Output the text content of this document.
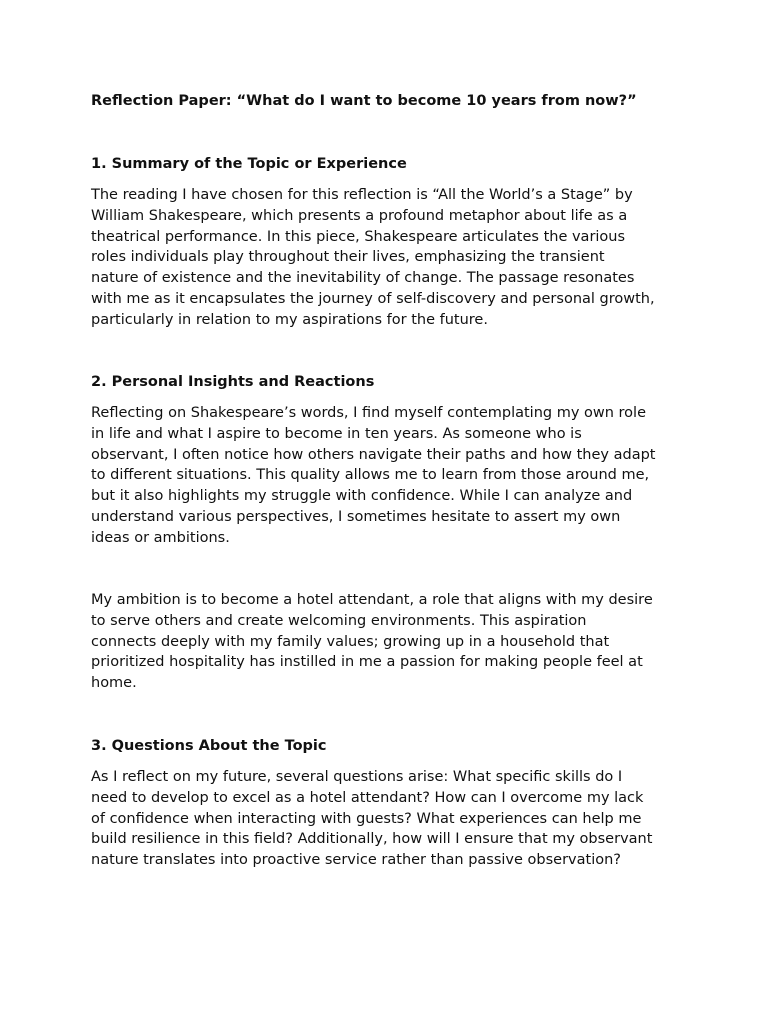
Reflection Paper: “What do I want to become 10 years from now?”
1. Summary of the Topic or Experience
The reading I have chosen for this reflection is “All the World’s a Stage” by
William Shakespeare, which presents a profound metaphor about life as a
theatrical performance. In this piece, Shakespeare articulates the various
roles individuals play throughout their lives, emphasizing the transient
nature of existence and the inevitability of change. The passage resonates
with me as it encapsulates the journey of self-discovery and personal growth,
particularly in relation to my aspirations for the future.
2. Personal Insights and Reactions
Reflecting on Shakespeare’s words, I find myself contemplating my own role
in life and what I aspire to become in ten years. As someone who is
observant, I often notice how others navigate their paths and how they adapt
to different situations. This quality allows me to learn from those around me,
but it also highlights my struggle with confidence. While I can analyze and
understand various perspectives, I sometimes hesitate to assert my own
ideas or ambitions.
My ambition is to become a hotel attendant, a role that aligns with my desire
to serve others and create welcoming environments. This aspiration
connects deeply with my family values; growing up in a household that
prioritized hospitality has instilled in me a passion for making people feel at
home.
3. Questions About the Topic
As I reflect on my future, several questions arise: What specific skills do I
need to develop to excel as a hotel attendant? How can I overcome my lack
of confidence when interacting with guests? What experiences can help me
build resilience in this field? Additionally, how will I ensure that my observant
nature translates into proactive service rather than passive observation?
